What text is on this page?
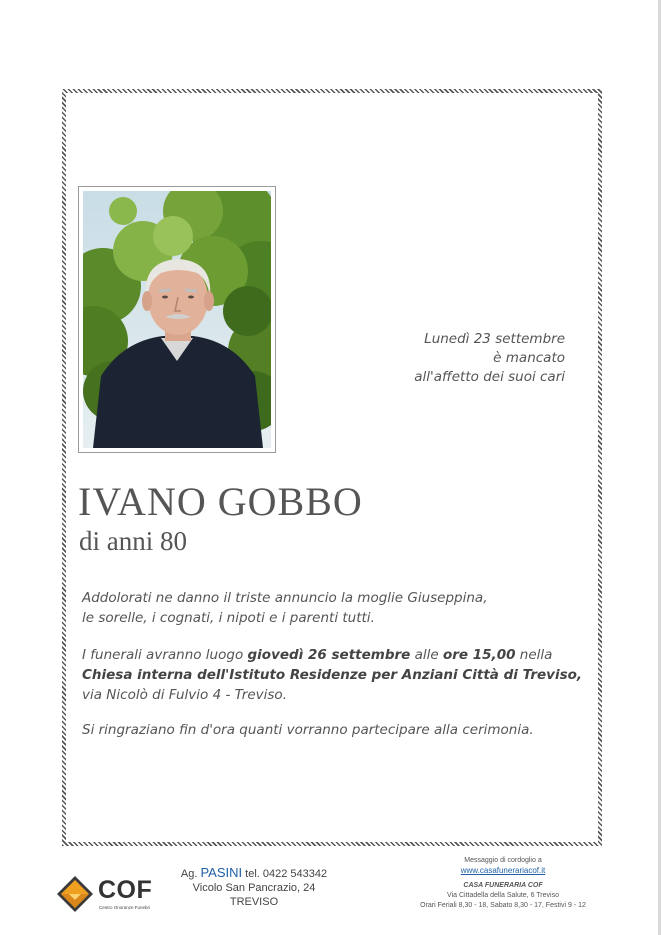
Lunedì 23 settembre
è mancato
all'affetto dei suoi cari
IVANO GOBBO
di anni 80
Addolorati ne danno il triste annuncio la moglie Giuseppina,
le sorelle, i cognati, i nipoti e i parenti tutti.
I funerali avranno luogo giovedì 26 settembre alle ore 15,00 nella
Chiesa interna dell'Istituto Residenze per Anziani Città di Treviso,
via Nicolò di Fulvio 4 - Treviso.
Si ringraziano fin d'ora quanti vorranno partecipare alla cerimonia.
COF
Centro Onoranze Funebri
Ag. PASINI tel. 0422 543342
Vicolo San Pancrazio, 24
TREVISO
Messaggio di cordoglio a
www.casafunerariacof.it
CASA FUNERARIA COF
Via Cittadella della Salute, 6 Treviso
Orari Feriali 8,30 - 18, Sabato 8,30 - 17, Festivi 9 - 12
